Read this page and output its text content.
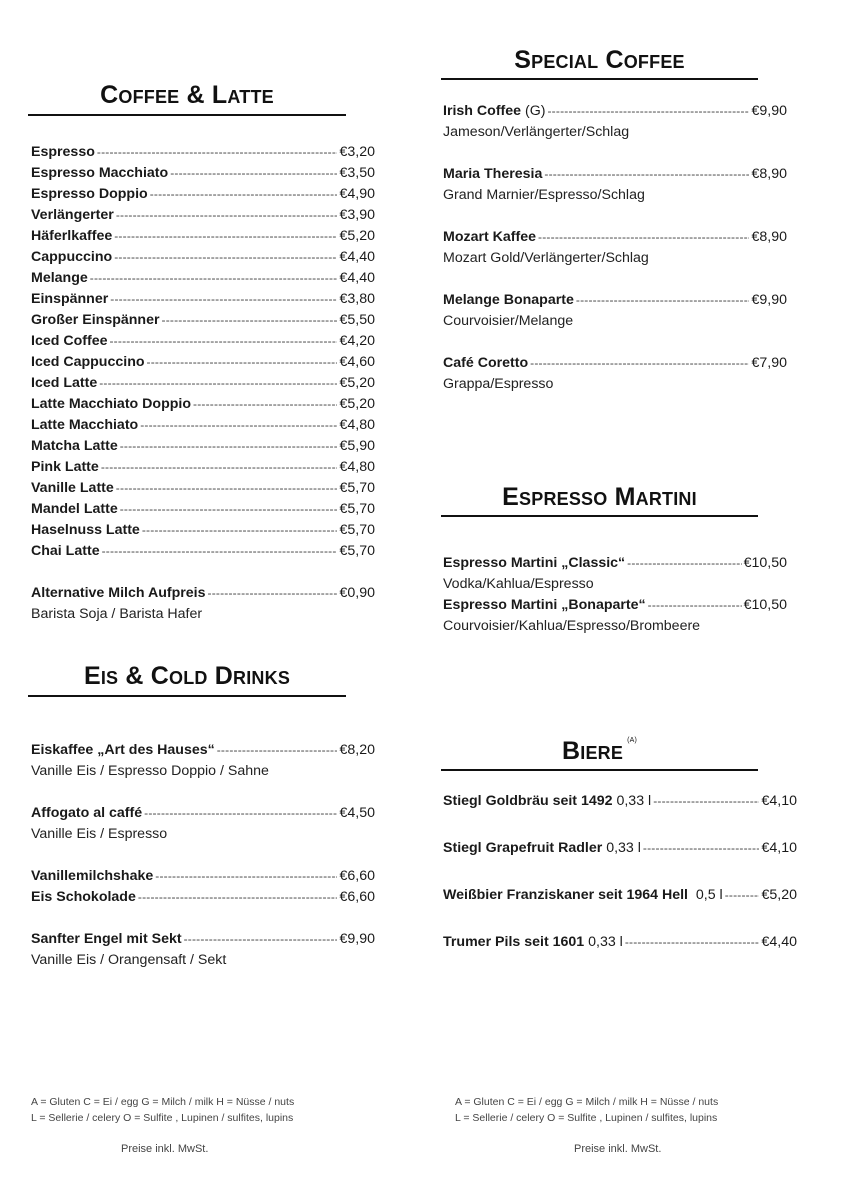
Coffee & Latte
Espresso -----	€ 3,20
Espresso Macchiato -----	€ 3,50
Espresso Doppio -----	€ 4,90
Verlängerter -----	€ 3,90
Häferlkaffee -----	€ 5,20
Cappuccino -----	€ 4,40
Melange -----	€ 4,40
Einspänner -----	€ 3,80
Großer Einspänner -----	€ 5,50
Iced Coffee -----	€ 4,20
Iced Cappuccino -----	€ 4,60
Iced Latte -----	€ 5,20
Latte Macchiato Doppio -----	€ 5,20
Latte Macchiato -----	€ 4,80
Matcha Latte -----	€ 5,90
Pink Latte -----	€ 4,80
Vanille Latte -----	€ 5,70
Mandel Latte -----	€ 5,70
Haselnuss Latte -----	€ 5,70
Chai Latte -----	€ 5,70
Alternative Milch Aufpreis -----	€ 0,90
Barista Soja / Barista Hafer
Eis & Cold Drinks
Eiskaffee „Art des Hauses“ -----	€ 8,20
Vanille Eis / Espresso Doppio / Sahne
Affogato al caffé -----	€ 4,50
Vanille Eis / Espresso
Vanillemilchshake -----	€ 6,60
Eis Schokolade -----	€ 6,60
Sanfter Engel mit Sekt -----	€ 9,90
Vanille Eis / Orangensaft / Sekt
A = Gluten C = Ei / egg G = Milch / milk H = Nüsse / nuts
L = Sellerie / celery O = Sulfite , Lupinen / sulfites, lupins
Preise inkl. MwSt.
Special Coffee
Irish Coffee (G) -----	€ 9,90
Jameson/Verlängerter/Schlag
Maria Theresia -----	€ 8,90
Grand Marnier/Espresso/Schlag
Mozart Kaffee -----	€ 8,90
Mozart Gold/Verlängerter/Schlag
Melange Bonaparte -----	€ 9,90
Courvoisier/Melange
Café Coretto -----	€ 7,90
Grappa/Espresso
Espresso Martini
Espresso Martini „Classic“ -----	€ 10,50
Vodka/Kahlua/Espresso
Espresso Martini „Bonaparte“ -----	€ 10,50
Courvoisier/Kahlua/Espresso/Brombeere
Biere $^{(A)}$
Stiegl Goldbräu seit 1492 0,33 l -----	€ 4,10
Stiegl Grapefruit Radler 0,33 l -----	€ 4,10
Weißbier Franziskaner seit 1964 Hell  0,5 l -----	€ 5,20
Trumer Pils seit 1601 0,33 l -----	€ 4,40
A = Gluten C = Ei / egg G = Milch / milk H = Nüsse / nuts
L = Sellerie / celery O = Sulfite , Lupinen / sulfites, lupins
Preise inkl. MwSt.
